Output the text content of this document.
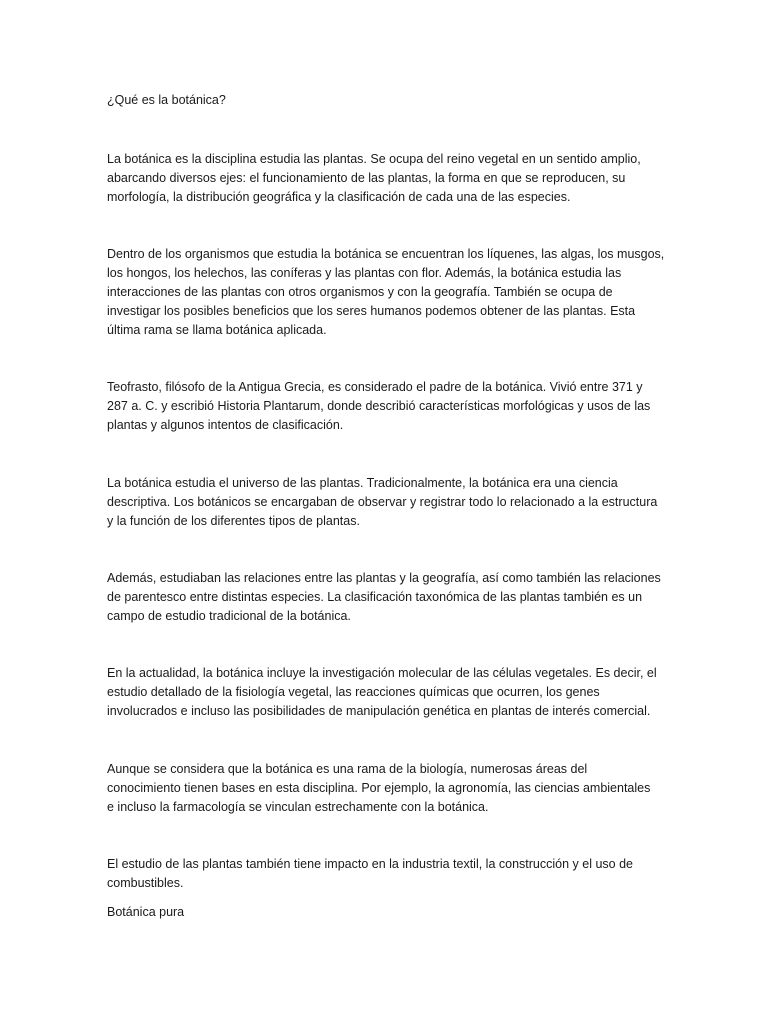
¿Qué es la botánica?
La botánica es la disciplina estudia las plantas. Se ocupa del reino vegetal en un sentido amplio,
abarcando diversos ejes: el funcionamiento de las plantas, la forma en que se reproducen, su
morfología, la distribución geográfica y la clasificación de cada una de las especies.
Dentro de los organismos que estudia la botánica se encuentran los líquenes, las algas, los musgos,
los hongos, los helechos, las coníferas y las plantas con flor. Además, la botánica estudia las
interacciones de las plantas con otros organismos y con la geografía. También se ocupa de
investigar los posibles beneficios que los seres humanos podemos obtener de las plantas. Esta
última rama se llama botánica aplicada.
Teofrasto, filósofo de la Antigua Grecia, es considerado el padre de la botánica. Vivió entre 371 y
287 a. C. y escribió Historia Plantarum, donde describió características morfológicas y usos de las
plantas y algunos intentos de clasificación.
La botánica estudia el universo de las plantas. Tradicionalmente, la botánica era una ciencia
descriptiva. Los botánicos se encargaban de observar y registrar todo lo relacionado a la estructura
y la función de los diferentes tipos de plantas.
Además, estudiaban las relaciones entre las plantas y la geografía, así como también las relaciones
de parentesco entre distintas especies. La clasificación taxonómica de las plantas también es un
campo de estudio tradicional de la botánica.
En la actualidad, la botánica incluye la investigación molecular de las células vegetales. Es decir, el
estudio detallado de la fisiología vegetal, las reacciones químicas que ocurren, los genes
involucrados e incluso las posibilidades de manipulación genética en plantas de interés comercial.
Aunque se considera que la botánica es una rama de la biología, numerosas áreas del
conocimiento tienen bases en esta disciplina. Por ejemplo, la agronomía, las ciencias ambientales
e incluso la farmacología se vinculan estrechamente con la botánica.
El estudio de las plantas también tiene impacto en la industria textil, la construcción y el uso de
combustibles.
Botánica pura
